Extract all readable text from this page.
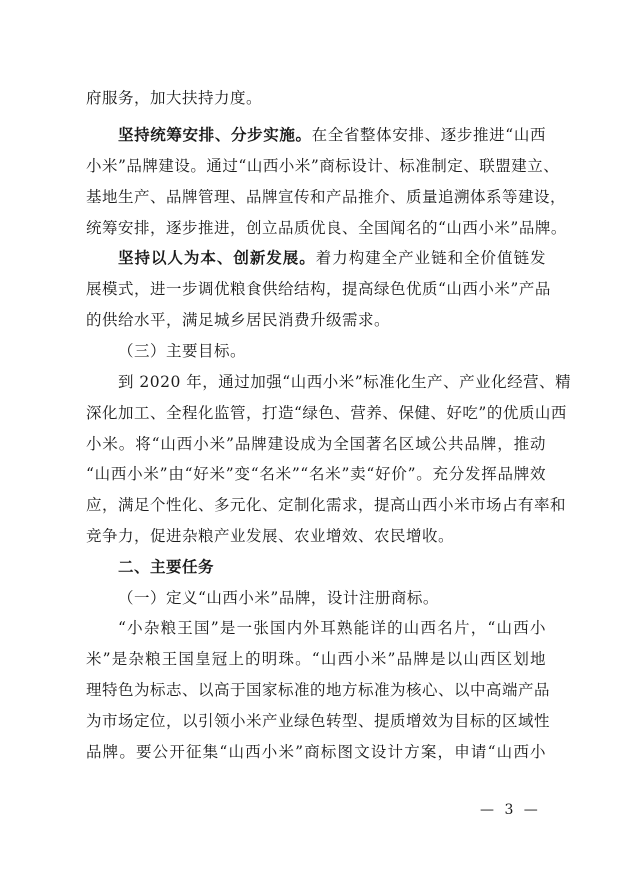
府服务，加大扶持力度。
坚持统筹安排、分步实施。在全省整体安排、逐步推进“山西
小米”品牌建设。通过“山西小米”商标设计、标准制定、联盟建立、
基地生产、品牌管理、品牌宣传和产品推介、质量追溯体系等建设，
统筹安排，逐步推进，创立品质优良、全国闻名的“山西小米”品牌。
坚持以人为本、创新发展。着力构建全产业链和全价值链发
展模式，进一步调优粮食供给结构，提高绿色优质“山西小米”产品
的供给水平，满足城乡居民消费升级需求。
（三）主要目标。
到 2020 年，通过加强“山西小米”标准化生产、产业化经营、精
深化加工、全程化监管，打造“绿色、营养、保健、好吃”的优质山西
小米。将“山西小米”品牌建设成为全国著名区域公共品牌，推动
“山西小米”由“好米”变“名米”“名米”卖“好价”。充分发挥品牌效
应，满足个性化、多元化、定制化需求，提高山西小米市场占有率和
竞争力，促进杂粮产业发展、农业增效、农民增收。
二、主要任务
（一）定义“山西小米”品牌，设计注册商标。
“小杂粮王国”是一张国内外耳熟能详的山西名片，“山西小
米”是杂粮王国皇冠上的明珠。“山西小米”品牌是以山西区划地
理特色为标志、以高于国家标准的地方标准为核心、以中高端产品
为市场定位，以引领小米产业绿色转型、提质增效为目标的区域性
品牌。要公开征集“山西小米”商标图文设计方案，申请“山西小
— 3 —
